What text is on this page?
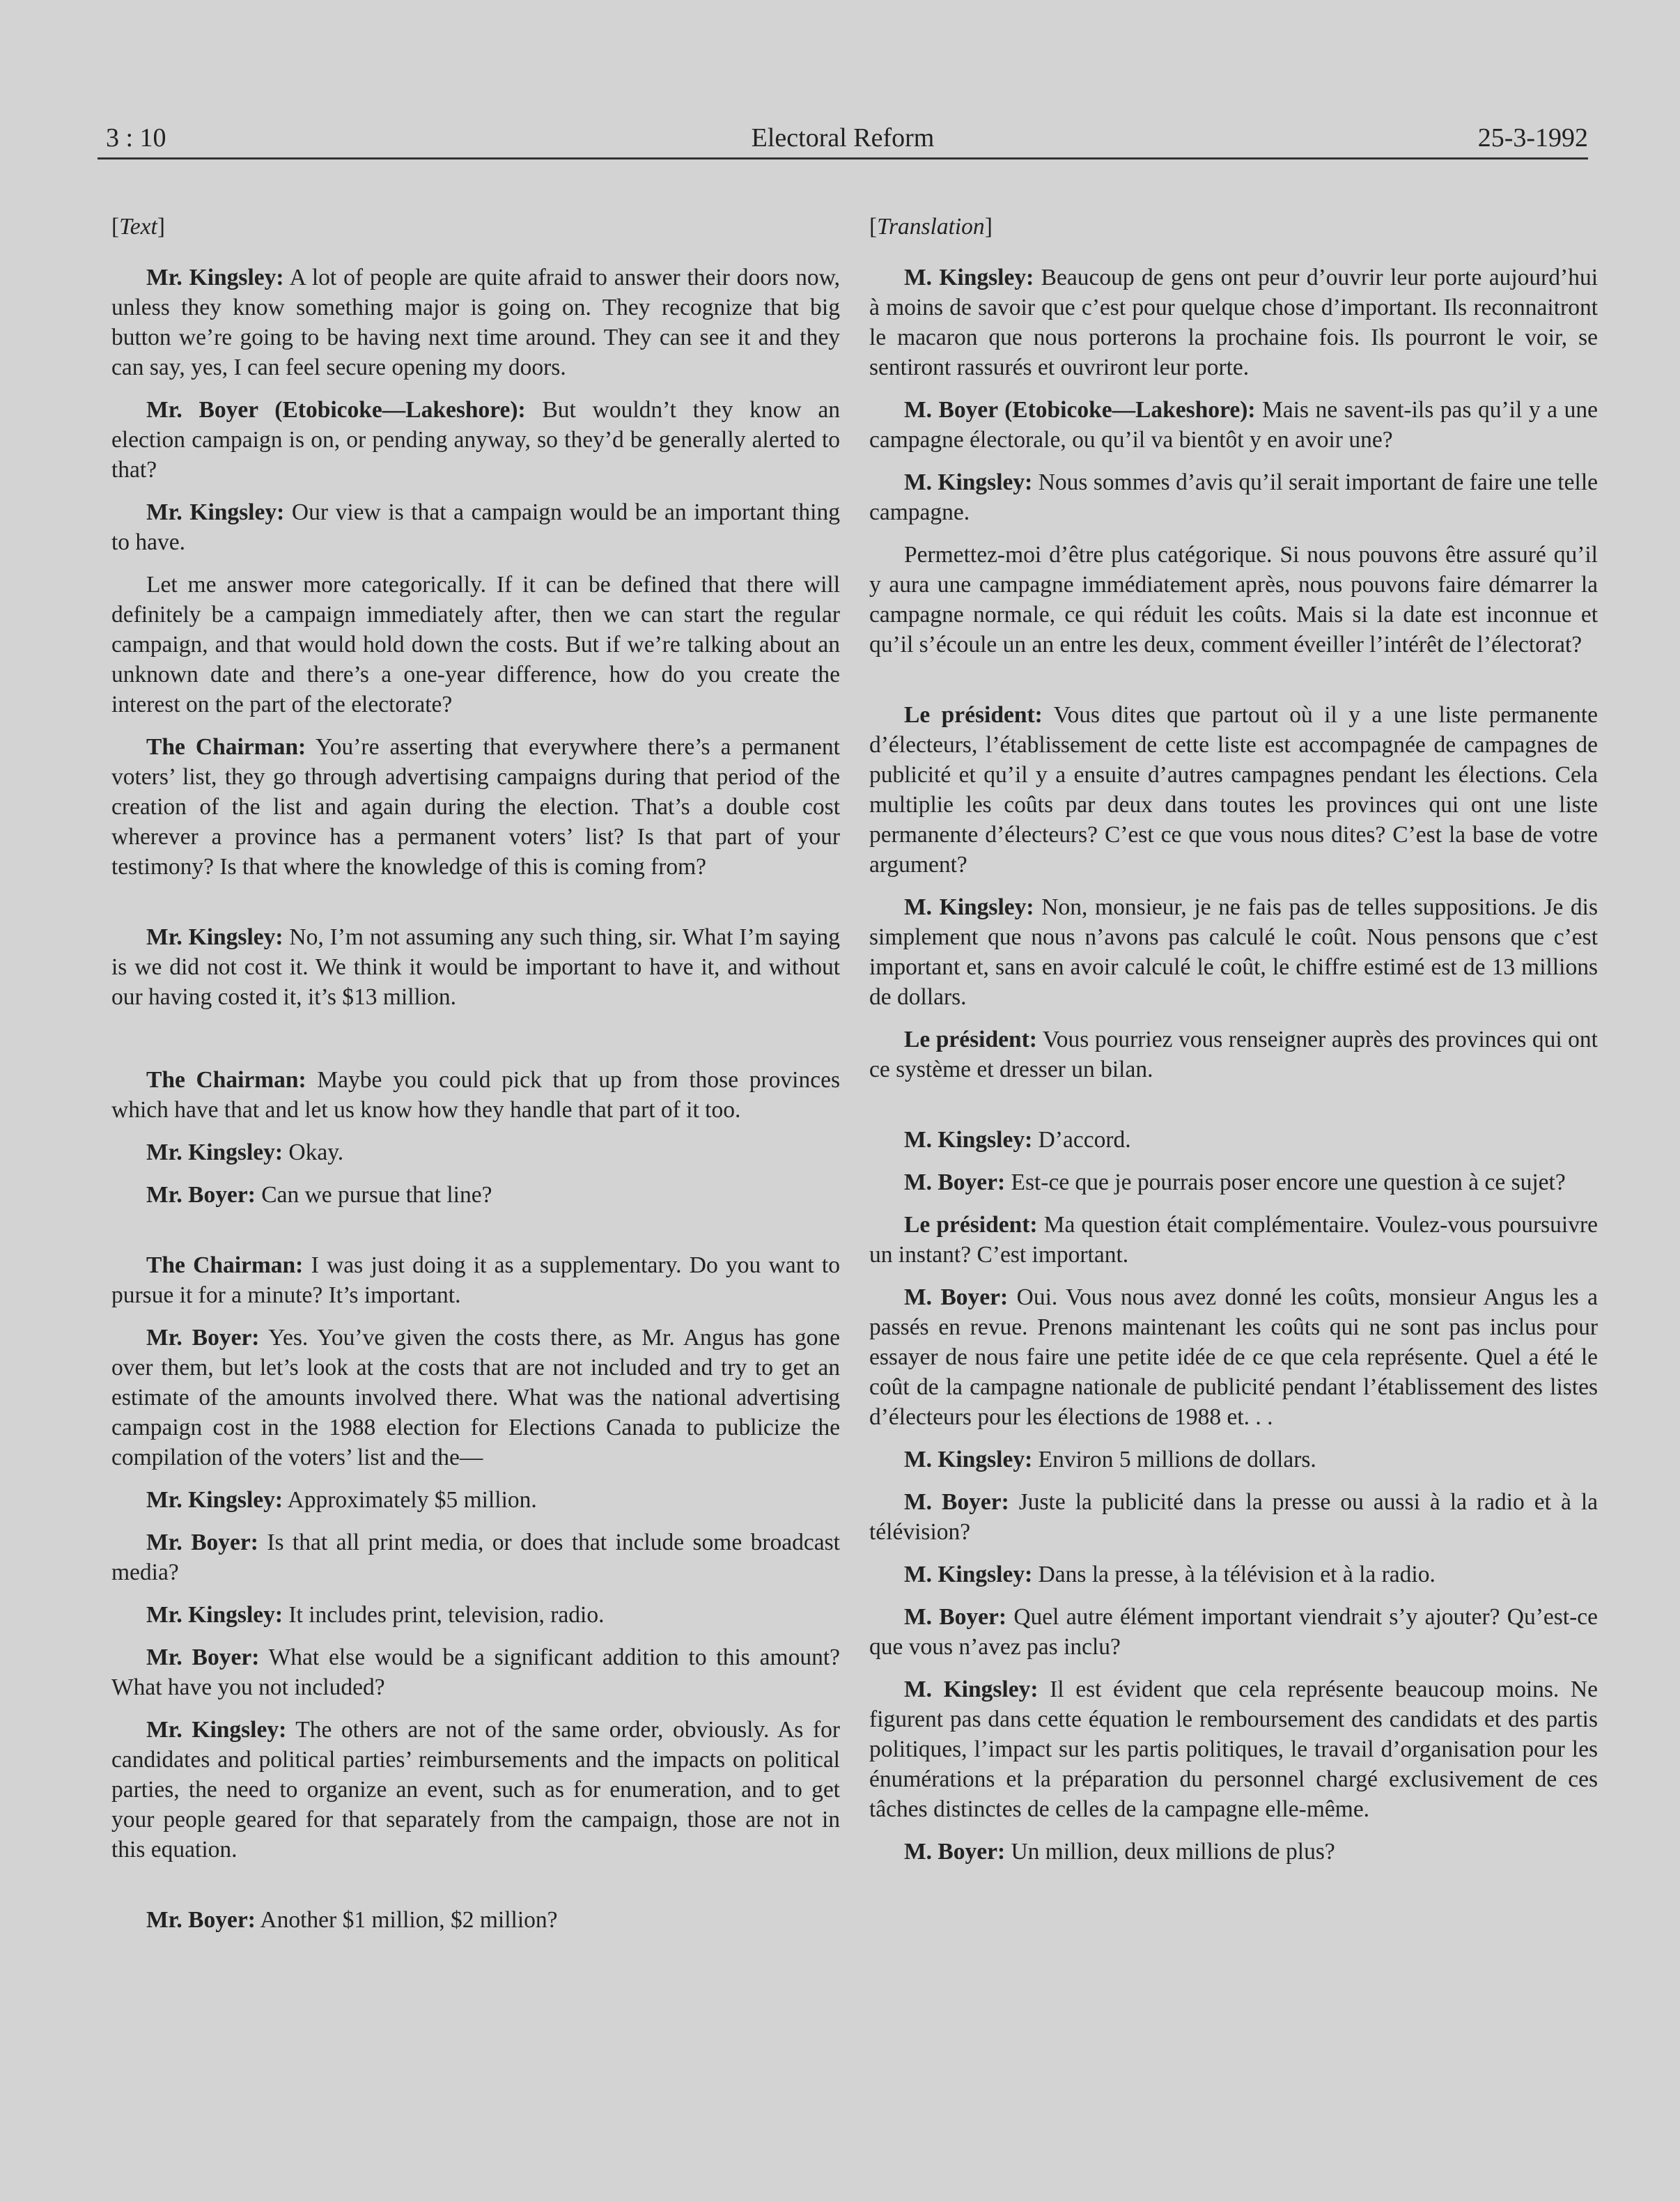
3 : 10	Electoral Reform	25-3-1992
[Text]

Mr. Kingsley: A lot of people are quite afraid to answer their doors now, unless they know something major is going on. They recognize that big button we’re going to be having next time around. They can see it and they can say, yes, I can feel secure opening my doors.

Mr. Boyer (Etobicoke—Lakeshore): But wouldn’t they know an election campaign is on, or pending anyway, so they’d be generally alerted to that?

Mr. Kingsley: Our view is that a campaign would be an important thing to have.

Let me answer more categorically. If it can be defined that there will definitely be a campaign immediately after, then we can start the regular campaign, and that would hold down the costs. But if we’re talking about an unknown date and there’s a one-year difference, how do you create the interest on the part of the electorate?

The Chairman: You’re asserting that everywhere there’s a permanent voters’ list, they go through advertising campaigns during that period of the creation of the list and again during the election. That’s a double cost wherever a province has a permanent voters’ list? Is that part of your testimony? Is that where the knowledge of this is coming from?

Mr. Kingsley: No, I’m not assuming any such thing, sir. What I’m saying is we did not cost it. We think it would be important to have it, and without our having costed it, it’s $13 million.

The Chairman: Maybe you could pick that up from those provinces which have that and let us know how they handle that part of it too.

Mr. Kingsley: Okay.

Mr. Boyer: Can we pursue that line?

The Chairman: I was just doing it as a supplementary. Do you want to pursue it for a minute? It’s important.

Mr. Boyer: Yes. You’ve given the costs there, as Mr. Angus has gone over them, but let’s look at the costs that are not included and try to get an estimate of the amounts involved there. What was the national advertising campaign cost in the 1988 election for Elections Canada to publicize the compilation of the voters’ list and the—

Mr. Kingsley: Approximately $5 million.

Mr. Boyer: Is that all print media, or does that include some broadcast media?

Mr. Kingsley: It includes print, television, radio.

Mr. Boyer: What else would be a significant addition to this amount? What have you not included?

Mr. Kingsley: The others are not of the same order, obviously. As for candidates and political parties’ reimbursements and the impacts on political parties, the need to organize an event, such as for enumeration, and to get your people geared for that separately from the campaign, those are not in this equation.

Mr. Boyer: Another $1 million, $2 million?

[Translation]

M. Kingsley: Beaucoup de gens ont peur d’ouvrir leur porte aujourd’hui à moins de savoir que c’est pour quelque chose d’important. Ils reconnaitront le macaron que nous porterons la prochaine fois. Ils pourront le voir, se sentiront rassurés et ouvriront leur porte.

M. Boyer (Etobicoke—Lakeshore): Mais ne savent-ils pas qu’il y a une campagne électorale, ou qu’il va bientôt y en avoir une?

M. Kingsley: Nous sommes d’avis qu’il serait important de faire une telle campagne.

Permettez-moi d’être plus catégorique. Si nous pouvons être assuré qu’il y aura une campagne immédiatement après, nous pouvons faire démarrer la campagne normale, ce qui réduit les coûts. Mais si la date est inconnue et qu’il s’écoule un an entre les deux, comment éveiller l’intérêt de l’électorat?

Le président: Vous dites que partout où il y a une liste permanente d’électeurs, l’établissement de cette liste est accompagnée de campagnes de publicité et qu’il y a ensuite d’autres campagnes pendant les élections. Cela multiplie les coûts par deux dans toutes les provinces qui ont une liste permanente d’électeurs? C’est ce que vous nous dites? C’est la base de votre argument?

M. Kingsley: Non, monsieur, je ne fais pas de telles suppositions. Je dis simplement que nous n’avons pas calculé le coût. Nous pensons que c’est important et, sans en avoir calculé le coût, le chiffre estimé est de 13 millions de dollars.

Le président: Vous pourriez vous renseigner auprès des provinces qui ont ce système et dresser un bilan.

M. Kingsley: D’accord.

M. Boyer: Est-ce que je pourrais poser encore une question à ce sujet?

Le président: Ma question était complémentaire. Voulez-vous poursuivre un instant? C’est important.

M. Boyer: Oui. Vous nous avez donné les coûts, monsieur Angus les a passés en revue. Prenons maintenant les coûts qui ne sont pas inclus pour essayer de nous faire une petite idée de ce que cela représente. Quel a été le coût de la campagne nationale de publicité pendant l’établissement des listes d’électeurs pour les élections de 1988 et. . .

M. Kingsley: Environ 5 millions de dollars.

M. Boyer: Juste la publicité dans la presse ou aussi à la radio et à la télévision?

M. Kingsley: Dans la presse, à la télévision et à la radio.

M. Boyer: Quel autre élément important viendrait s’y ajouter? Qu’est-ce que vous n’avez pas inclu?

M. Kingsley: Il est évident que cela représente beaucoup moins. Ne figurent pas dans cette équation le remboursement des candidats et des partis politiques, l’impact sur les partis politiques, le travail d’organisation pour les énumérations et la préparation du personnel chargé exclusivement de ces tâches distinctes de celles de la campagne elle-même.

M. Boyer: Un million, deux millions de plus?
